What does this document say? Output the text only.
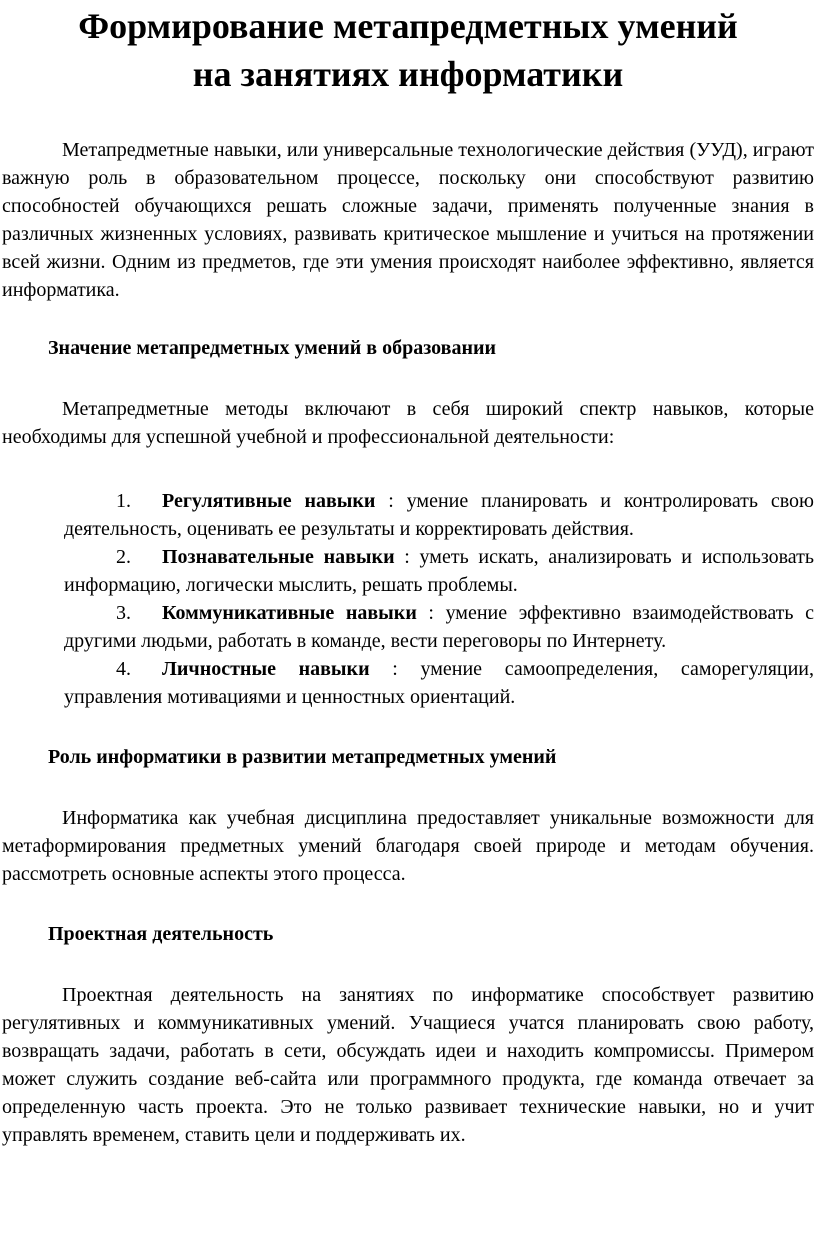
Формирование метапредметных умений
на занятиях информатики

Метапредметные навыки, или универсальные технологические действия (УУД), играют важную роль в образовательном процессе, поскольку они способствуют развитию способностей обучающихся решать сложные задачи, применять полученные знания в различных жизненных условиях, развивать критическое мышление и учиться на протяжении всей жизни. Одним из предметов, где эти умения происходят наиболее эффективно, является информатика.

Значение метапредметных умений в образовании

Метапредметные методы включают в себя широкий спектр навыков, которые необходимы для успешной учебной и профессиональной деятельности:

1. Регулятивные навыки : умение планировать и контролировать свою деятельность, оценивать ее результаты и корректировать действия.
2. Познавательные навыки : уметь искать, анализировать и использовать информацию, логически мыслить, решать проблемы.
3. Коммуникативные навыки : умение эффективно взаимодействовать с другими людьми, работать в команде, вести переговоры по Интернету.
4. Личностные навыки : умение самоопределения, саморегуляции, управления мотивациями и ценностных ориентаций.
Роль информатики в развитии метапредметных умений

Информатика как учебная дисциплина предоставляет уникальные возможности для метаформирования предметных умений благодаря своей природе и методам обучения. рассмотреть основные аспекты этого процесса.

Проектная деятельность

Проектная деятельность на занятиях по информатике способствует развитию регулятивных и коммуникативных умений. Учащиеся учатся планировать свою работу, возвращать задачи, работать в сети, обсуждать идеи и находить компромиссы. Примером может служить создание веб-сайта или программного продукта, где команда отвечает за определенную часть проекта. Это не только развивает технические навыки, но и учит управлять временем, ставить цели и поддерживать их.
